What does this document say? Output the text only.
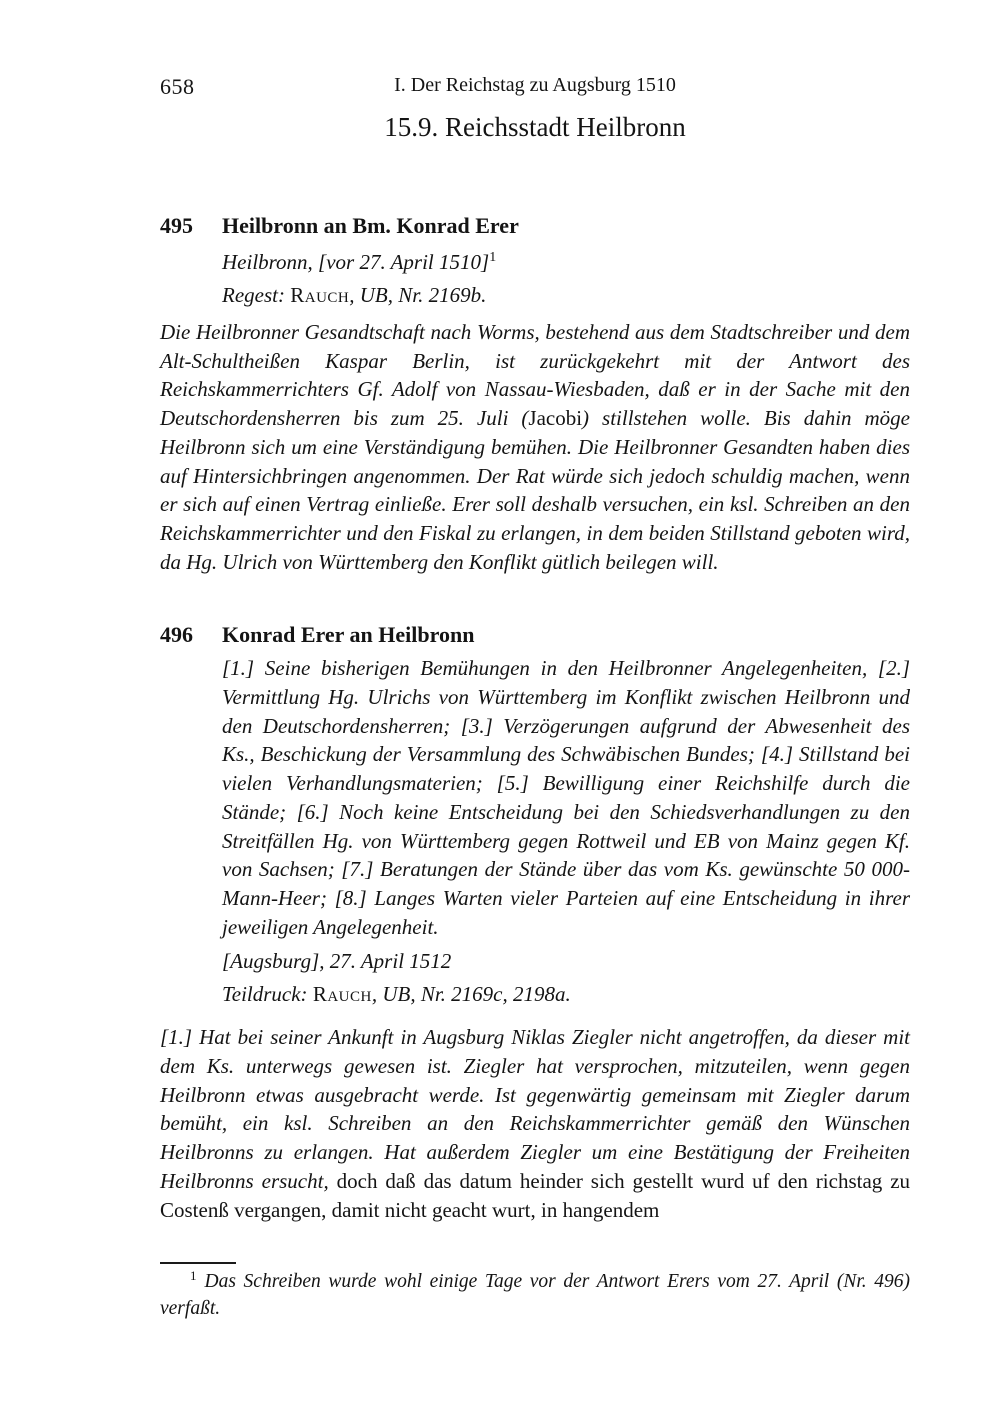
658	I. Der Reichstag zu Augsburg 1510
15.9. Reichsstadt Heilbronn
495	Heilbronn an Bm. Konrad Erer

Heilbronn, [vor 27. April 1510]$^1$

Regest: Rauch, UB, Nr. 2169b.

Die Heilbronner Gesandtschaft nach Worms, bestehend aus dem Stadtschreiber und dem Alt-Schultheißen Kaspar Berlin, ist zurückgekehrt mit der Antwort des Reichskammerrichters Gf. Adolf von Nassau-Wiesbaden, daß er in der Sache mit den Deutschordensherren bis zum 25. Juli (Jacobi) stillstehen wolle. Bis dahin möge Heilbronn sich um eine Verständigung bemühen. Die Heilbronner Gesandten haben dies auf Hintersichbringen angenommen. Der Rat würde sich jedoch schuldig machen, wenn er sich auf einen Vertrag einließe. Erer soll deshalb versuchen, ein ksl. Schreiben an den Reichskammerrichter und den Fiskal zu erlangen, in dem beiden Stillstand geboten wird, da Hg. Ulrich von Württemberg den Konflikt gütlich beilegen will.

496	Konrad Erer an Heilbronn

[1.] Seine bisherigen Bemühungen in den Heilbronner Angelegenheiten, [2.] Vermittlung Hg. Ulrichs von Württemberg im Konflikt zwischen Heilbronn und den Deutschordensherren; [3.] Verzögerungen aufgrund der Abwesenheit des Ks., Beschickung der Versammlung des Schwäbischen Bundes; [4.] Stillstand bei vielen Verhandlungsmaterien; [5.] Bewilligung einer Reichshilfe durch die Stände; [6.] Noch keine Entscheidung bei den Schiedsverhandlungen zu den Streitfällen Hg. von Württemberg gegen Rottweil und EB von Mainz gegen Kf. von Sachsen; [7.] Beratungen der Stände über das vom Ks. gewünschte 50 000-Mann-Heer; [8.] Langes Warten vieler Parteien auf eine Entscheidung in ihrer jeweiligen Angelegenheit.

[Augsburg], 27. April 1512

Teildruck: Rauch, UB, Nr. 2169c, 2198a.

[1.] Hat bei seiner Ankunft in Augsburg Niklas Ziegler nicht angetroffen, da dieser mit dem Ks. unterwegs gewesen ist. Ziegler hat versprochen, mitzuteilen, wenn gegen Heilbronn etwas ausgebracht werde. Ist gegenwärtig gemeinsam mit Ziegler darum bemüht, ein ksl. Schreiben an den Reichskammerrichter gemäß den Wünschen Heilbronns zu erlangen. Hat außerdem Ziegler um eine Bestätigung der Freiheiten Heilbronns ersucht, doch daß das datum heinder sich gestellt wurd uf den richstag zu Costenß vergangen, damit nicht geacht wurt, in hangendem

$^1$ Das Schreiben wurde wohl einige Tage vor der Antwort Erers vom 27. April (Nr. 496) verfaßt.
